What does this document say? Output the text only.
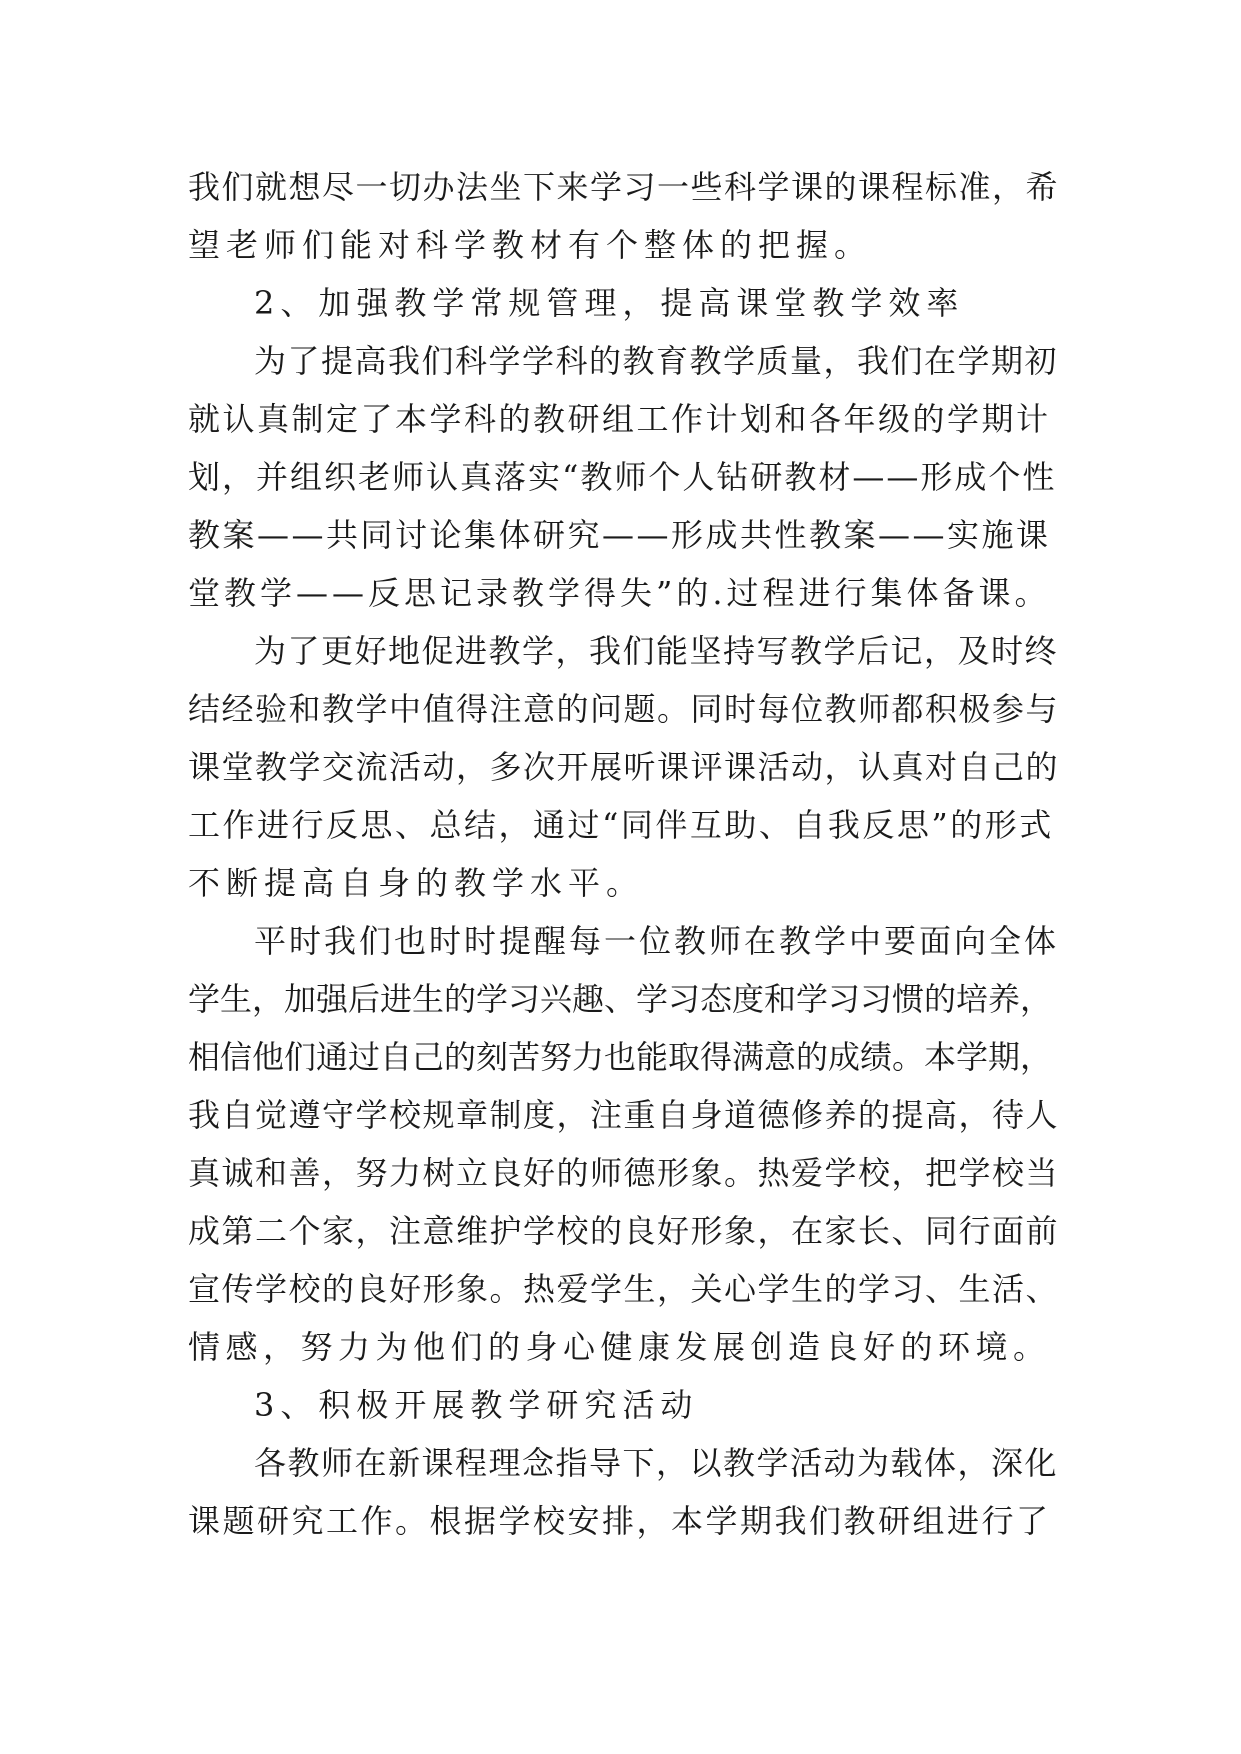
我们就想尽一切办法坐下来学习一些科学课的课程标准，希
望老师们能对科学教材有个整体的把握。
2、加强教学常规管理，提高课堂教学效率
为了提高我们科学学科的教育教学质量，我们在学期初
就认真制定了本学科的教研组工作计划和各年级的学期计
划，并组织老师认真落实“教师个人钻研教材——形成个性
教案——共同讨论集体研究——形成共性教案——实施课
堂教学——反思记录教学得失”的.过程进行集体备课。
为了更好地促进教学，我们能坚持写教学后记，及时终
结经验和教学中值得注意的问题。同时每位教师都积极参与
课堂教学交流活动，多次开展听课评课活动，认真对自己的
工作进行反思、总结，通过“同伴互助、自我反思”的形式
不断提高自身的教学水平。
平时我们也时时提醒每一位教师在教学中要面向全体
学生，加强后进生的学习兴趣、学习态度和学习习惯的培养，
相信他们通过自己的刻苦努力也能取得满意的成绩。本学期，
我自觉遵守学校规章制度，注重自身道德修养的提高，待人
真诚和善，努力树立良好的师德形象。热爱学校，把学校当
成第二个家，注意维护学校的良好形象，在家长、同行面前
宣传学校的良好形象。热爱学生，关心学生的学习、生活、
情感，努力为他们的身心健康发展创造良好的环境。
3、积极开展教学研究活动
各教师在新课程理念指导下，以教学活动为载体，深化
课题研究工作。根据学校安排，本学期我们教研组进行了
